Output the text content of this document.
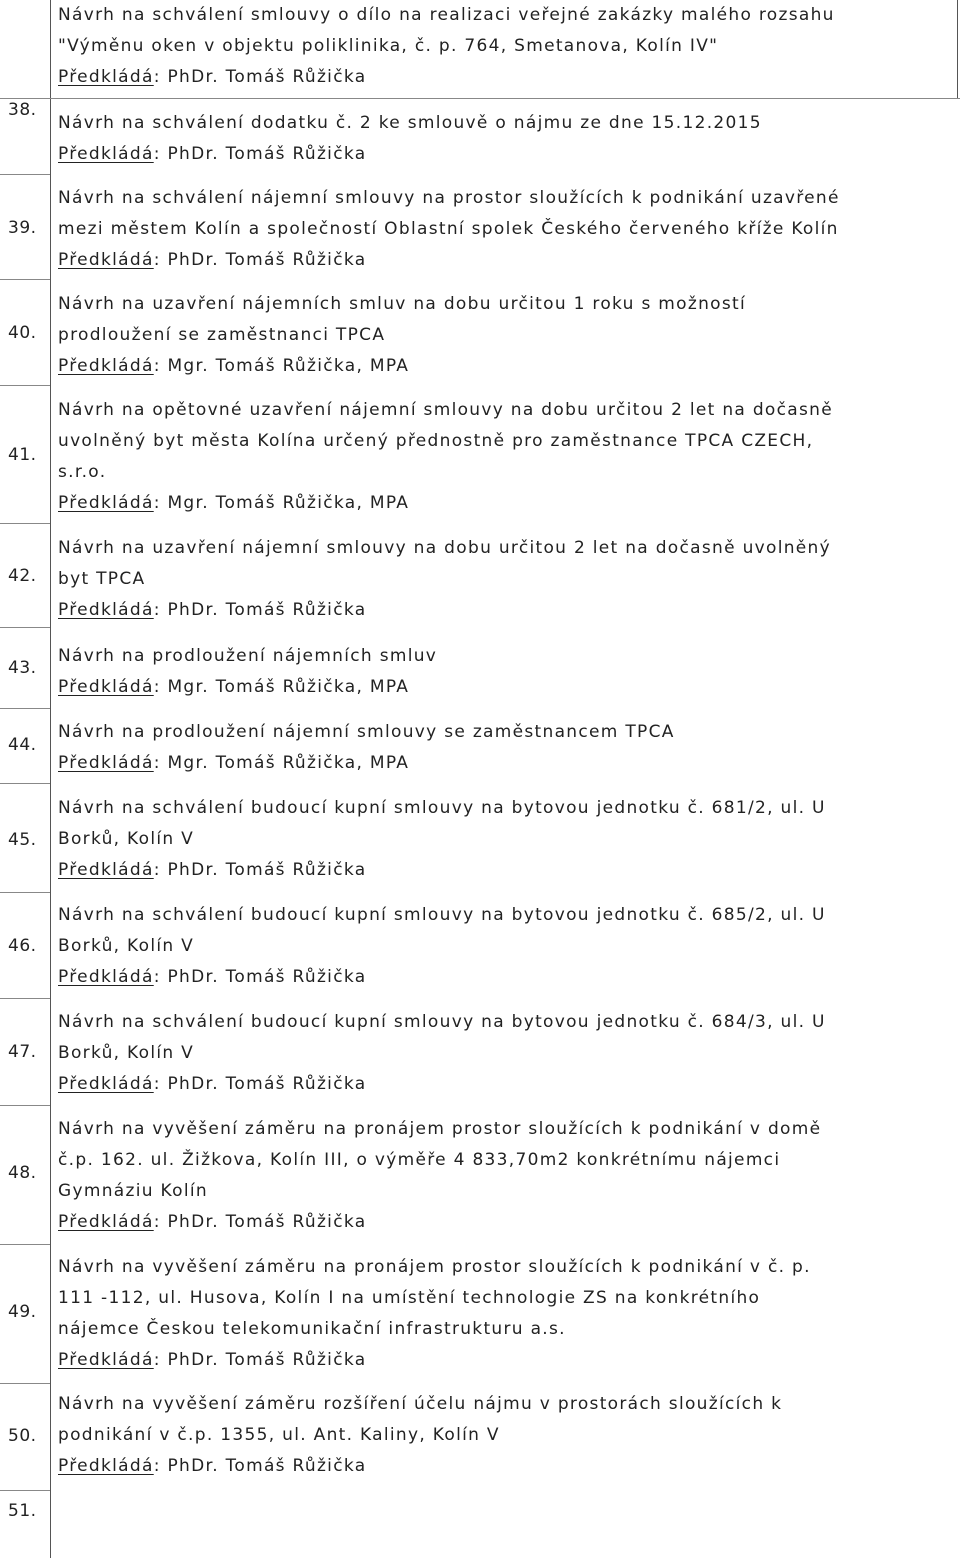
38.
39.
40.
41.
42.
43.
44.
45.
46.
47.
48.
49.
50.
51.
Návrh na schválení smlouvy o dílo na realizaci veřejné zakázky malého rozsahu
"Výměnu oken v objektu poliklinika, č. p. 764, Smetanova, Kolín IV"
Předkládá: PhDr. Tomáš Růžička
Návrh na schválení dodatku č. 2 ke smlouvě o nájmu ze dne 15.12.2015
Předkládá: PhDr. Tomáš Růžička
Návrh na schválení nájemní smlouvy na prostor sloužících k podnikání uzavřené
mezi městem Kolín a společností Oblastní spolek Českého červeného kříže Kolín
Předkládá: PhDr. Tomáš Růžička
Návrh na uzavření nájemních smluv na dobu určitou 1 roku s možností
prodloužení se zaměstnanci TPCA
Předkládá: Mgr. Tomáš Růžička, MPA
Návrh na opětovné uzavření nájemní smlouvy na dobu určitou 2 let na dočasně
uvolněný byt města Kolína určený přednostně pro zaměstnance TPCA CZECH,
s.r.o.
Předkládá: Mgr. Tomáš Růžička, MPA
Návrh na uzavření nájemní smlouvy na dobu určitou 2 let na dočasně uvolněný
byt TPCA
Předkládá: PhDr. Tomáš Růžička
Návrh na prodloužení nájemních smluv
Předkládá: Mgr. Tomáš Růžička, MPA
Návrh na prodloužení nájemní smlouvy se zaměstnancem TPCA
Předkládá: Mgr. Tomáš Růžička, MPA
Návrh na schválení budoucí kupní smlouvy na bytovou jednotku č. 681/2, ul. U
Borků, Kolín V
Předkládá: PhDr. Tomáš Růžička
Návrh na schválení budoucí kupní smlouvy na bytovou jednotku č. 685/2, ul. U
Borků, Kolín V
Předkládá: PhDr. Tomáš Růžička
Návrh na schválení budoucí kupní smlouvy na bytovou jednotku č. 684/3, ul. U
Borků, Kolín V
Předkládá: PhDr. Tomáš Růžička
Návrh na vyvěšení záměru na pronájem prostor sloužících k podnikání v domě
č.p. 162. ul. Žižkova, Kolín III, o výměře 4 833,70m2 konkrétnímu nájemci
Gymnáziu Kolín
Předkládá: PhDr. Tomáš Růžička
Návrh na vyvěšení záměru na pronájem prostor sloužících k podnikání v č. p.
111 -112, ul. Husova, Kolín I na umístění technologie ZS na konkrétního
nájemce Českou telekomunikační infrastrukturu a.s.
Předkládá: PhDr. Tomáš Růžička
Návrh na vyvěšení záměru rozšíření účelu nájmu v prostorách sloužících k
podnikání v č.p. 1355, ul. Ant. Kaliny, Kolín V
Předkládá: PhDr. Tomáš Růžička
